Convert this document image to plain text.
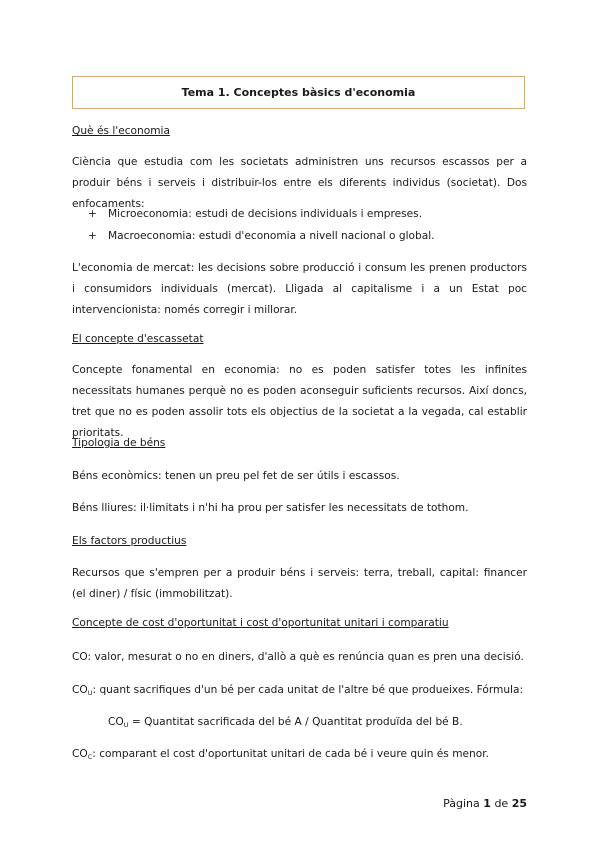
Tema 1. Conceptes bàsics d'economia
Què és l'economia
Ciència que estudia com les societats administren uns recursos escassos per a produir béns i serveis i distribuir-los entre els diferents individus (societat). Dos enfocaments:
+ Microeconomia: estudi de decisions individuals i empreses.
+ Macroeconomia: estudi d'economia a nivell nacional o global.
L'economia de mercat: les decisions sobre producció i consum les prenen productors i consumidors individuals (mercat). Lligada al capitalisme i a un Estat poc intervencionista: només corregir i millorar.
El concepte d'escassetat
Concepte fonamental en economia: no es poden satisfer totes les infinites necessitats humanes perquè no es poden aconseguir suficients recursos. Així doncs, tret que no es poden assolir tots els objectius de la societat a la vegada, cal establir prioritats.
Tipologia de béns
Béns econòmics: tenen un preu pel fet de ser útils i escassos.
Béns lliures: il·limitats i n'hi ha prou per satisfer les necessitats de tothom.
Els factors productius
Recursos que s'empren per a produir béns i serveis: terra, treball, capital: financer (el diner) / físic (immobilitzat).
Concepte de cost d'oportunitat i cost d'oportunitat unitari i comparatiu
CO: valor, mesurat o no en diners, d'allò a què es renúncia quan es pren una decisió.
$CO_U$: quant sacrifiques d'un bé per cada unitat de l'altre bé que produeixes. Fórmula:
$CO_U$ = Quantitat sacrificada del bé A / Quantitat produïda del bé B.
$CO_C$: comparant el cost d'oportunitat unitari de cada bé i veure quin és menor.
Pàgina 1 de 25
